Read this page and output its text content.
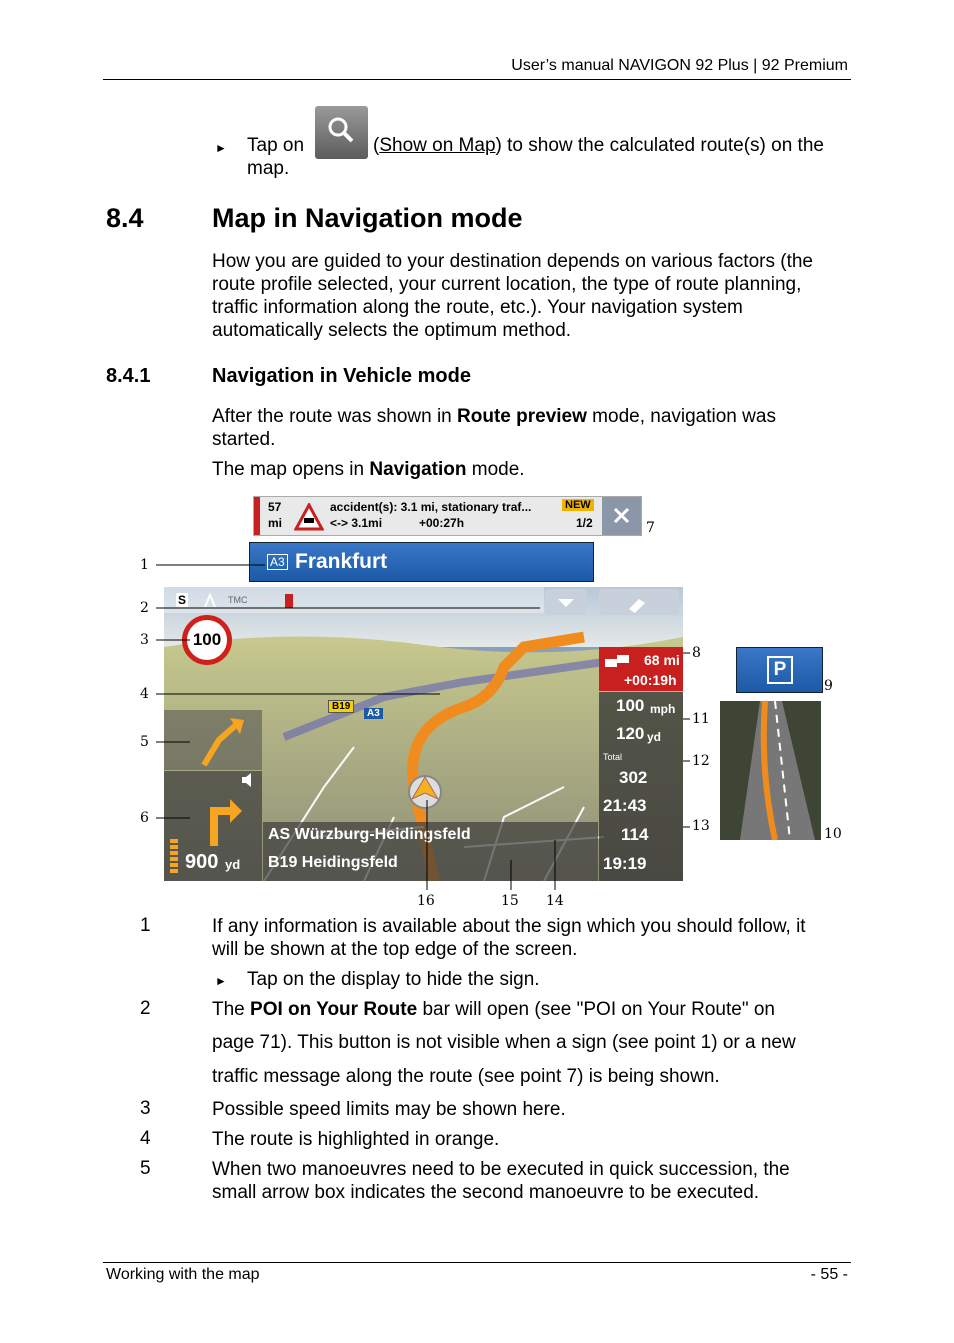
User’s manual NAVIGON 92 Plus | 92 Premium
► Tap on	(Show on Map) to show the calculated route(s) on the
map.
8.4	Map in Navigation mode
How you are guided to your destination depends on various factors (the
route profile selected, your current location, the type of route planning,
traffic information along the route, etc.). Your navigation system
automatically selects the optimum method.
8.4.1	Navigation in Vehicle mode
After the route was shown in Route preview mode, navigation was
started.
The map opens in Navigation mode.
57
mi
accident(s): 3.1 mi, stationary traf...
<-> 3.1mi	+00:27h
NEW
1/2
A3 Frankfurt
S	TMC
100
B19
A3
900 yd
AS Würzburg-Heidingsfeld
B19 Heidingsfeld
68 mi
+00:19h
100 mph
120 yd
Total
302
21:43
114
19:19
P
1
2
3
4
5
6
7
8
9
10
11
12
13
14
15
16
1	If any information is available about the sign which you should follow, it
will be shown at the top edge of the screen.
► Tap on the display to hide the sign.
2	The POI on Your Route bar will open (see "POI on Your Route" on
page 71). This button is not visible when a sign (see point 1) or a new
traffic message along the route (see point 7) is being shown.
3	Possible speed limits may be shown here.
4	The route is highlighted in orange.
5	When two manoeuvres need to be executed in quick succession, the
small arrow box indicates the second manoeuvre to be executed.
Working with the map	- 55 -
